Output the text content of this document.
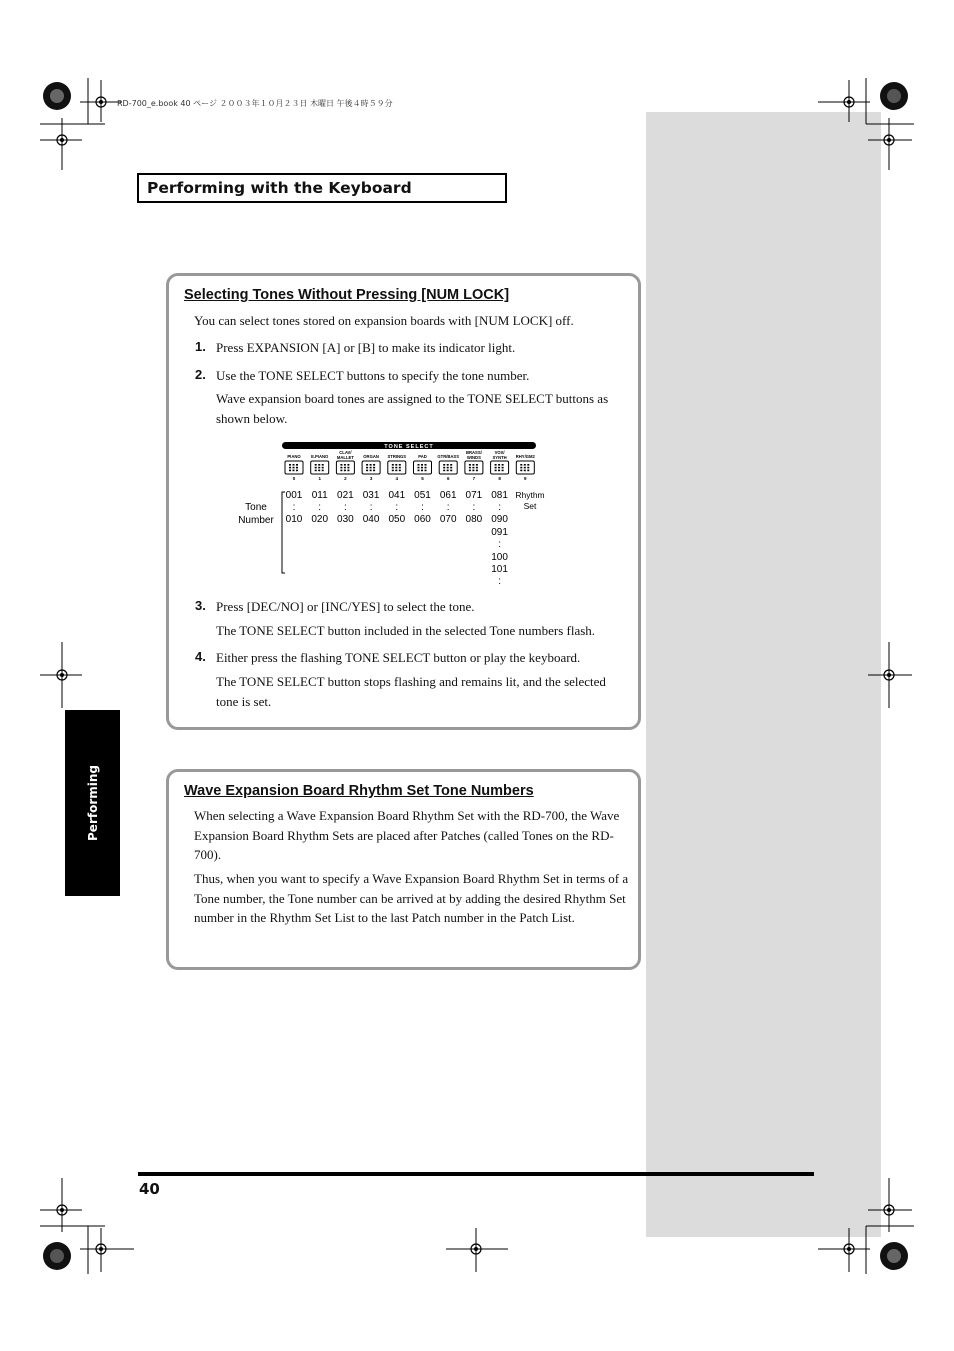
RD-700_e.book 40 ページ ２００３年１０月２３日 木曜日 午後４時５９分
Performing with the Keyboard
Performing
Selecting Tones Without Pressing [NUM LOCK]
You can select tones stored on expansion boards with [NUM LOCK] off.
1. Press EXPANSION [A] or [B] to make its indicator light.
2. Use the TONE SELECT buttons to specify the tone number.
Wave expansion board tones are assigned to the TONE SELECT buttons as shown below.
3. Press [DEC/NO] or [INC/YES] to select the tone.
The TONE SELECT button included in the selected Tone numbers flash.
4. Either press the flashing TONE SELECT button or play the keyboard.
The TONE SELECT button stops flashing and remains lit, and the selected tone is set.
TONE SELECT
PIANO
0
E.PIANO
1
CLAV/
MALLET
2
ORGAN
3
STRINGS
4
PAD
5
GTR/BASS
6
BRASS/
WINDS
7
VOX/
SYNTH
8
RHY/GM2
9
Tone
Number
Rhythm
Set
001
:
010
011
:
020
021
:
030
031
:
040
041
:
050
051
:
060
061
:
070
071
:
080
081
:
090
091
:
100
101
:
Wave Expansion Board Rhythm Set Tone Numbers
When selecting a Wave Expansion Board Rhythm Set with the RD-700, the Wave Expansion Board Rhythm Sets are placed after Patches (called Tones on the RD-700).
Thus, when you want to specify a Wave Expansion Board Rhythm Set in terms of a Tone number, the Tone number can be arrived at by adding the desired Rhythm Set number in the Rhythm Set List to the last Patch number in the Patch List.
40
